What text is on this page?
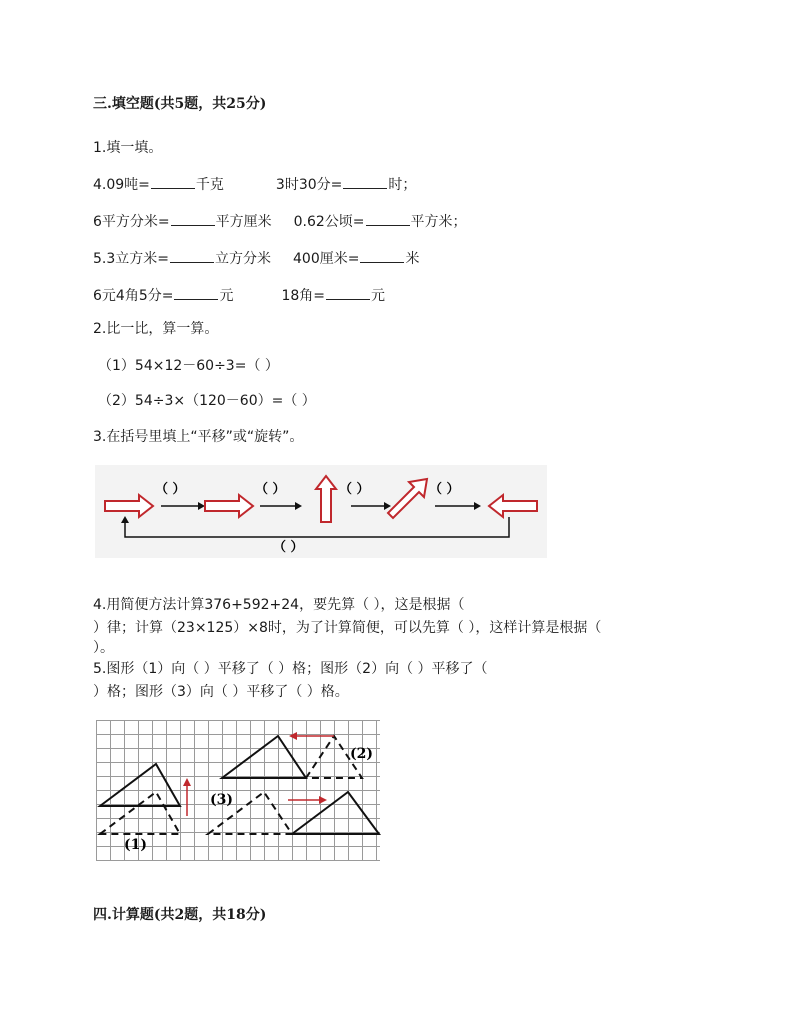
三.填空题(共5题，共25分)
1.填一填。
4.09吨=	千克	3时30分=	时；
6平方分米=	平方厘米 0.62公顷=	平方米；
5.3立方米=	立方分米 400厘米=	米
6元4角5分=	元	18角=	元
2.比一比，算一算。
（1）54×12－60÷3=（ ）
（2）54÷3×（120－60）=（ ）
3.在括号里填上“平移”或“旋转”。
（ ）	（ ）	（ ）	（ ）
（ ）
4.用简便方法计算376+592+24，要先算（ ），这是根据（
）律；计算（23×125）×8时，为了计算简便，可以先算（ ），这样计算是根据（
）。
5.图形（1）向（ ）平移了（ ）格；图形（2）向（ ）平移了（
）格；图形（3）向（ ）平移了（ ）格。
(1)
(2)
(3)
四.计算题(共2题，共18分)
